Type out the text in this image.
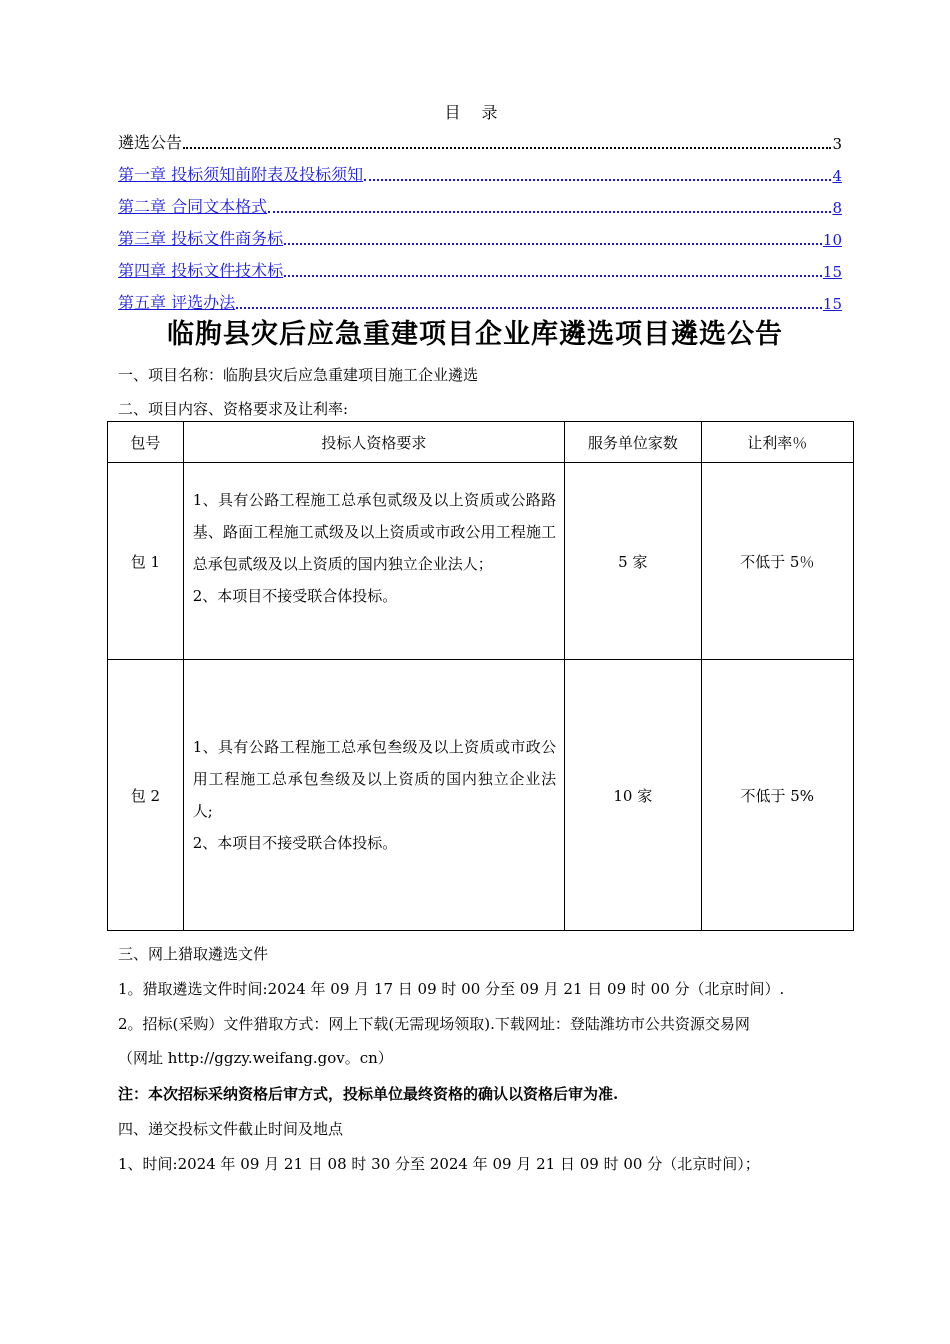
目 录
遴选公告	3
第一章 投标须知前附表及投标须知	4
第二章 合同文本格式	8
第三章 投标文件商务标	10
第四章 投标文件技术标	15
第五章 评选办法	15
临朐县灾后应急重建项目企业库遴选项目遴选公告
一、项目名称：临朐县灾后应急重建项目施工企业遴选
二、项目内容、资格要求及让利率:
包号	投标人资格要求	服务单位家数	让利率％
包 1	1、具有公路工程施工总承包贰级及以上资质或公路路基、路面工程施工贰级及以上资质或市政公用工程施工总承包贰级及以上资质的国内独立企业法人；
2、本项目不接受联合体投标。	5 家	不低于 5％
包 2	1、具有公路工程施工总承包叁级及以上资质或市政公用工程施工总承包叁级及以上资质的国内独立企业法人;
2、本项目不接受联合体投标。	10 家	不低于 5%
三、网上猎取遴选文件
1。猎取遴选文件时间:2024 年 09 月 17 日 09 时 00 分至 09 月 21 日 09 时 00 分（北京时间）.
2。招标(采购）文件猎取方式：网上下载(无需现场领取).下载网址：登陆潍坊市公共资源交易网
（网址 http://ggzy.weifang.gov。cn）
注：本次招标采纳资格后审方式，投标单位最终资格的确认以资格后审为准.
四、递交投标文件截止时间及地点
1、时间:2024 年 09 月 21 日 08 时 30 分至 2024 年 09 月 21 日 09 时 00 分（北京时间）；
